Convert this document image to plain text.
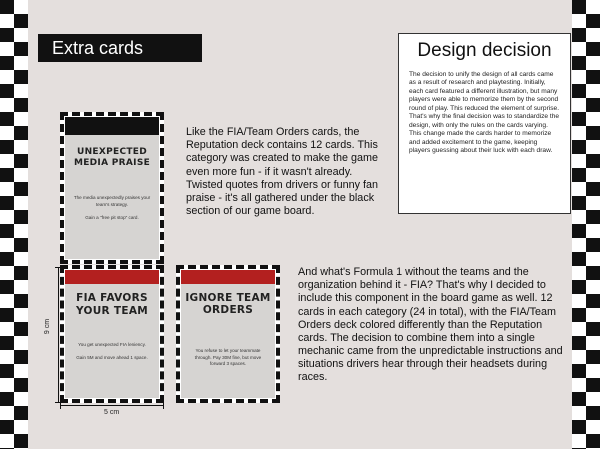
Extra cards	Design decision

The decision to unify the design of all cards came as a result of research and playtesting. Initially, each card featured a different illustration, but many players were able to memorize them by the second round of play. This reduced the element of surprise. That's why the final decision was to standardize the design, with only the rules on the cards varying. This change made the cards harder to memorize and added excitement to the game, keeping players guessing about their luck with each draw.

UNEXPECTED MEDIA PRAISE
The media unexpectedly praises your team's strategy.

Gain a "free pit stop" card.

Like the FIA/Team Orders cards, the Reputation deck contains 12 cards. This category was created to make the game even more fun - if it wasn't already. Twisted quotes from drivers or funny fan praise - it's all gathered under the black section of our game board.

9 cm
FIA FAVORS YOUR TEAM
You get unexpected FIA leniency.

Gain 5M and move ahead 1 space.
IGNORE TEAM ORDERS
You refuse to let your teammate through. Pay 30M fine, but move forward 3 spaces.
5 cm

And what's Formula 1 without the teams and the organization behind it - FIA? That's why I decided to include this component in the board game as well. 12 cards in each category (24 in total), with the FIA/Team Orders deck colored differently than the Reputation cards. The decision to combine them into a single mechanic came from the unpredictable instructions and situations drivers hear through their headsets during races.
